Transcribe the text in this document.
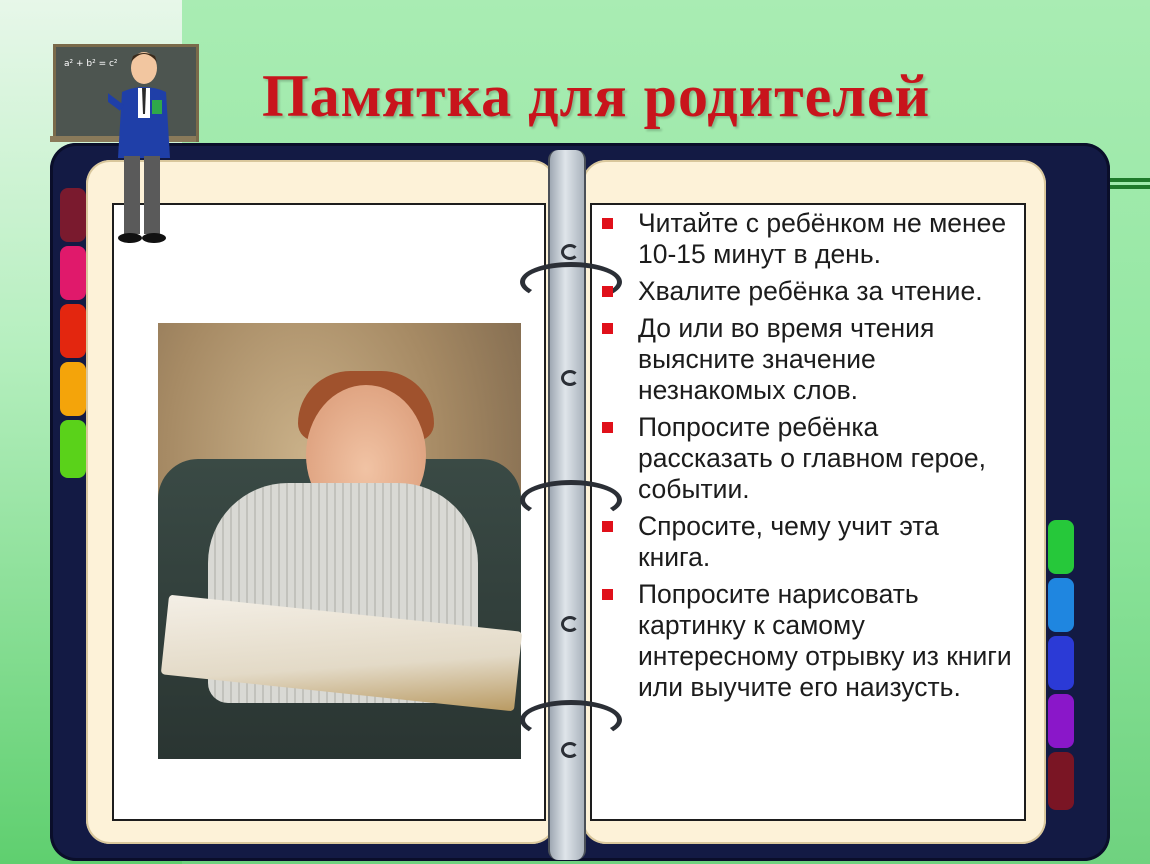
Памятка для родителей
Читайте с ребёнком не менее 10-15 минут в день.
Хвалите ребёнка за чтение.
До или во время чтения выясните значение незнакомых слов.
Попросите ребёнка рассказать о главном герое, событии.
Спросите, чему учит эта книга.
Попросите нарисовать картинку к самому интересному отрывку из книги или выучите его наизусть.
a² + b² = c²
